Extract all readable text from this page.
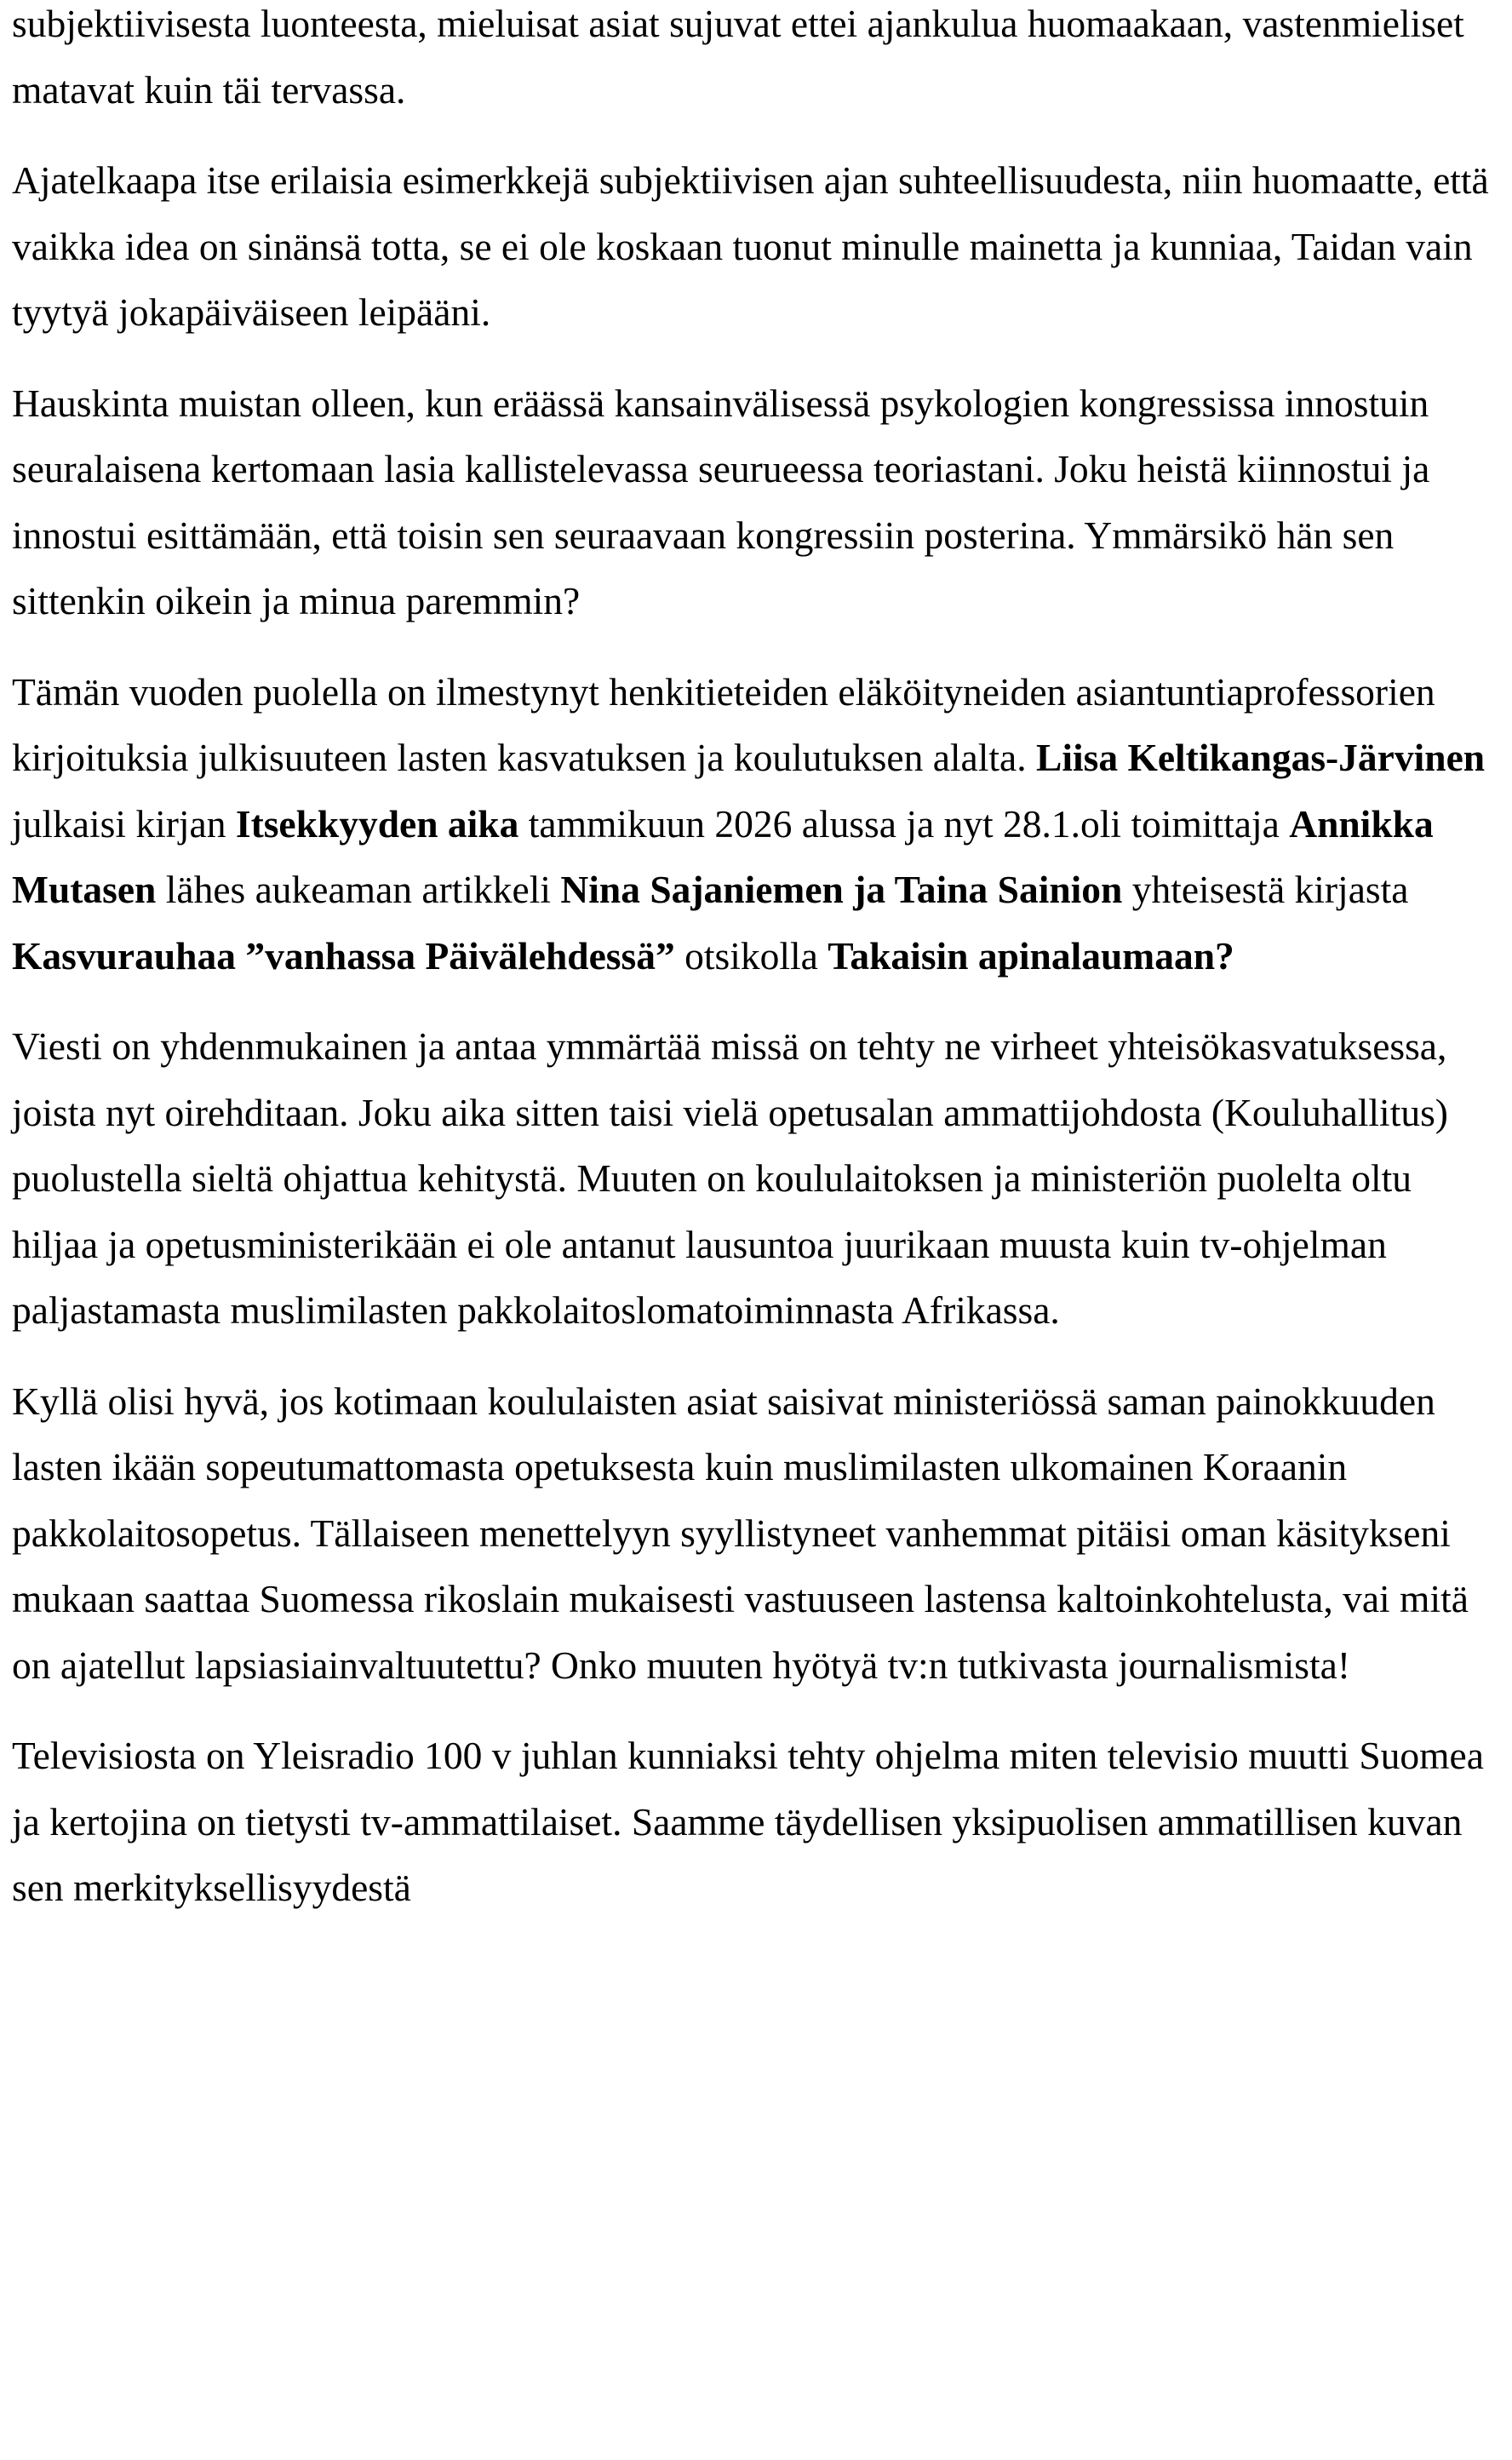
subjektiivisesta luonteesta, mieluisat asiat sujuvat ettei ajankulua huomaakaan, vastenmieliset matavat kuin täi tervassa.

Ajatelkaapa itse erilaisia esimerkkejä subjektiivisen ajan suhteellisuudesta, niin huomaatte, että vaikka idea on sinänsä totta, se ei ole koskaan tuonut minulle mainetta ja kunniaa, Taidan vain tyytyä jokapäiväiseen leipääni.

Hauskinta muistan olleen, kun eräässä kansainvälisessä psykologien kongressissa innostuin seuralaisena kertomaan lasia kallistelevassa seurueessa teoriastani. Joku heistä kiinnostui ja innostui esittämään, että toisin sen seuraavaan kongressiin posterina. Ymmärsikö hän sen sittenkin oikein ja minua paremmin?

Tämän vuoden puolella on ilmestynyt henkitieteiden eläköityneiden asiantuntiaprofessorien kirjoituksia julkisuuteen lasten kasvatuksen ja koulutuksen alalta. Liisa Keltikangas-Järvinen julkaisi kirjan Itsekkyyden aika tammikuun 2026 alussa ja nyt 28.1.oli toimittaja Annikka Mutasen lähes aukeaman artikkeli Nina Sajaniemen ja Taina Sainion yhteisestä kirjasta Kasvurauhaa ”vanhassa Päivälehdessä” otsikolla Takaisin apinalaumaan?

Viesti on yhdenmukainen ja antaa ymmärtää missä on tehty ne virheet yhteisökasvatuksessa, joista nyt oirehditaan. Joku aika sitten taisi vielä opetusalan ammattijohdosta (Kouluhallitus) puolustella sieltä ohjattua kehitystä. Muuten on koululaitoksen ja ministeriön puolelta oltu hiljaa ja opetusministerikään ei ole antanut lausuntoa juurikaan muusta kuin tv-ohjelman paljastamasta muslimilasten pakkolaitoslomatoiminnasta Afrikassa.

Kyllä olisi hyvä, jos kotimaan koululaisten asiat saisivat ministeriössä saman painokkuuden lasten ikään sopeutumattomasta opetuksesta kuin muslimilasten ulkomainen Koraanin pakkolaitosopetus. Tällaiseen menettelyyn syyllistyneet vanhemmat pitäisi oman käsitykseni mukaan saattaa Suomessa rikoslain mukaisesti vastuuseen lastensa kaltoinkohtelusta, vai mitä on ajatellut lapsiasiainvaltuutettu? Onko muuten hyötyä tv:n tutkivasta journalismista!

Televisiosta on Yleisradio 100 v juhlan kunniaksi tehty ohjelma miten televisio muutti Suomea ja kertojina on tietysti tv-ammattilaiset. Saamme täydellisen yksipuolisen ammatillisen kuvan sen merkityksellisyydestä
